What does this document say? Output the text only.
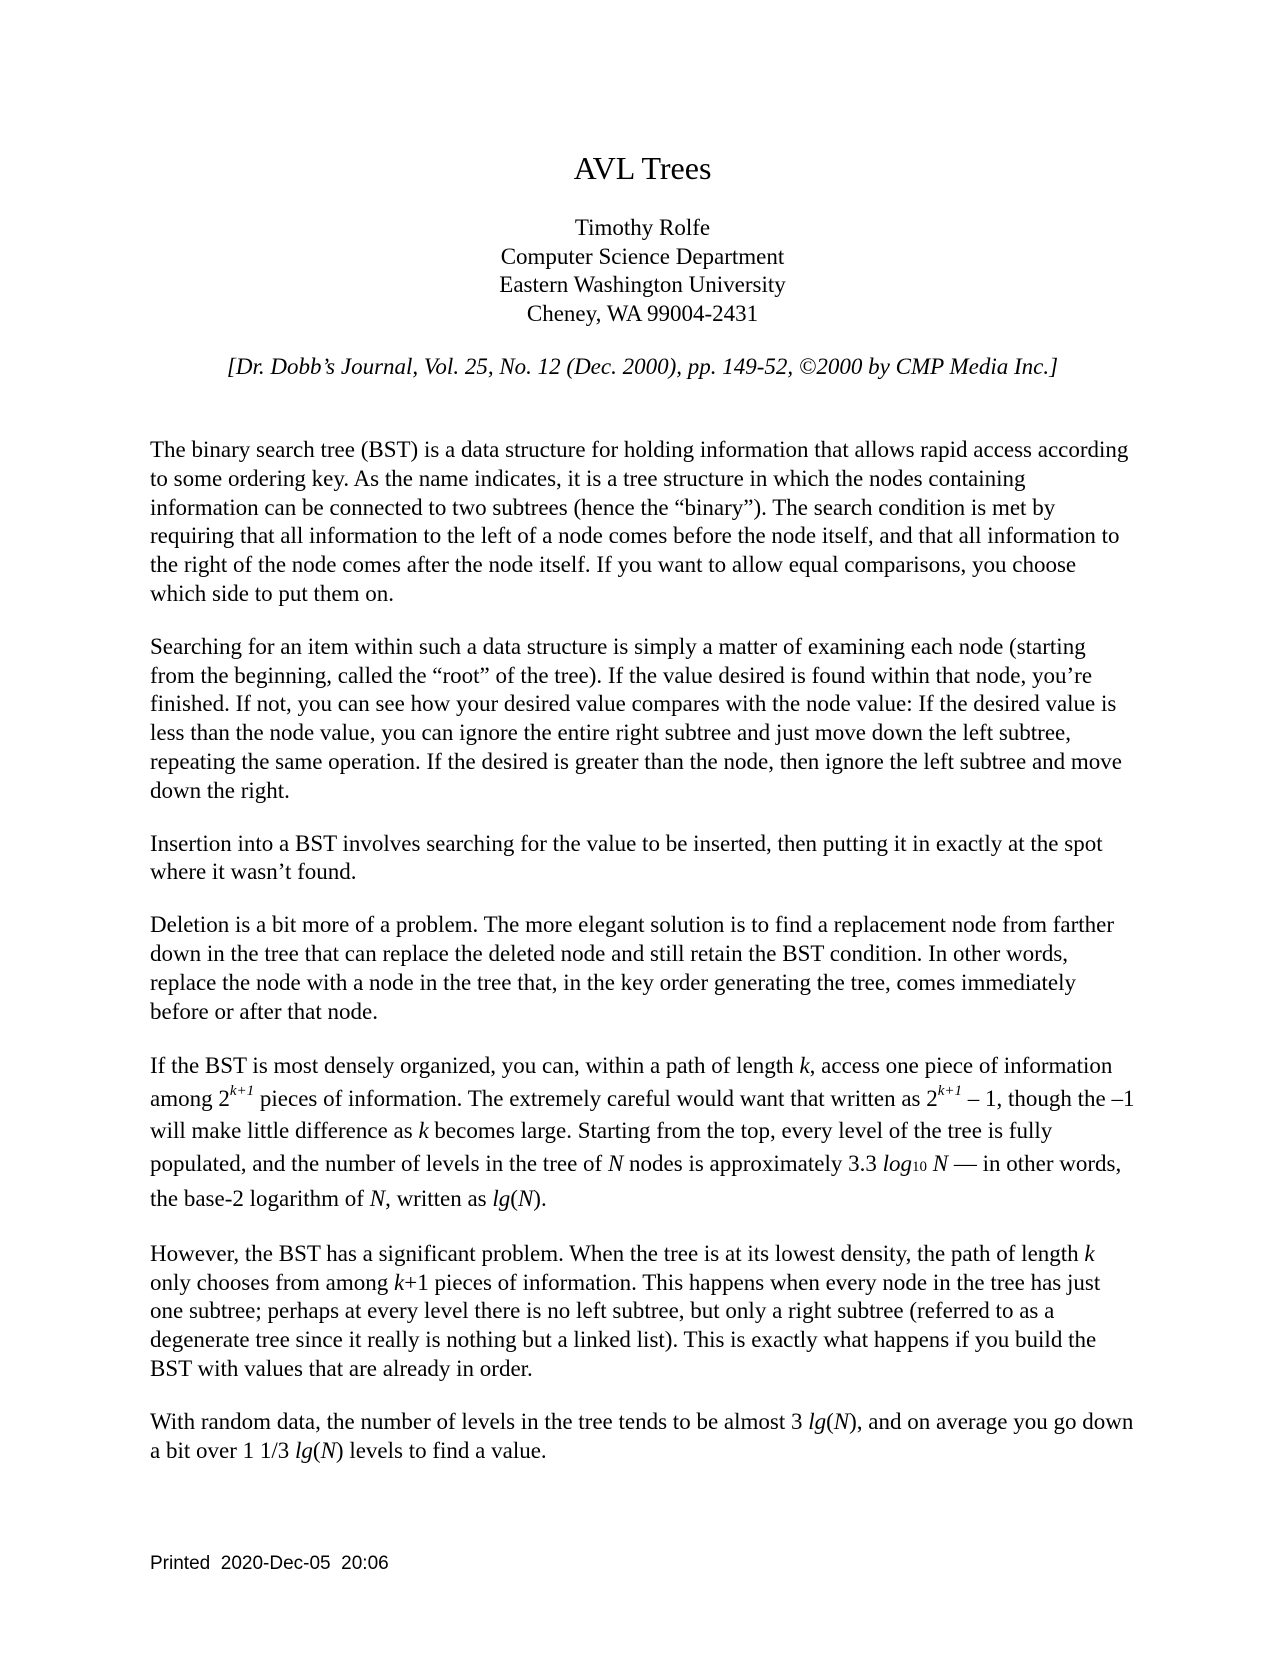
AVL Trees
Timothy Rolfe
Computer Science Department
Eastern Washington University
Cheney, WA 99004-2431
[Dr. Dobb’s Journal, Vol. 25, No. 12 (Dec. 2000), pp. 149-52, ©2000 by CMP Media Inc.]

The binary search tree (BST) is a data structure for holding information that allows rapid access according to some ordering key. As the name indicates, it is a tree structure in which the nodes containing information can be connected to two subtrees (hence the “binary”). The search condition is met by requiring that all information to the left of a node comes before the node itself, and that all information to the right of the node comes after the node itself. If you want to allow equal comparisons, you choose which side to put them on.

Searching for an item within such a data structure is simply a matter of examining each node (starting from the beginning, called the “root” of the tree). If the value desired is found within that node, you’re finished. If not, you can see how your desired value compares with the node value: If the desired value is less than the node value, you can ignore the entire right subtree and just move down the left subtree, repeating the same operation. If the desired is greater than the node, then ignore the left subtree and move down the right.

Insertion into a BST involves searching for the value to be inserted, then putting it in exactly at the spot where it wasn’t found.

Deletion is a bit more of a problem. The more elegant solution is to find a replacement node from farther down in the tree that can replace the deleted node and still retain the BST condition. In other words, replace the node with a node in the tree that, in the key order generating the tree, comes immediately before or after that node.

If the BST is most densely organized, you can, within a path of length k, access one piece of information among $2^{k+1}$ pieces of information. The extremely careful would want that written as $2^{k+1} - 1$, though the –1 will make little difference as k becomes large. Starting from the top, every level of the tree is fully populated, and the number of levels in the tree of N nodes is approximately 3.3 log10 N — in other words, the base-2 logarithm of N, written as lg(N).

However, the BST has a significant problem. When the tree is at its lowest density, the path of length k only chooses from among k+1 pieces of information. This happens when every node in the tree has just one subtree; perhaps at every level there is no left subtree, but only a right subtree (referred to as a degenerate tree since it really is nothing but a linked list). This is exactly what happens if you build the BST with values that are already in order.

With random data, the number of levels in the tree tends to be almost 3 lg(N), and on average you go down a bit over 1 1/3 lg(N) levels to find a value.

Printed 2020-Dec-05 20:06
